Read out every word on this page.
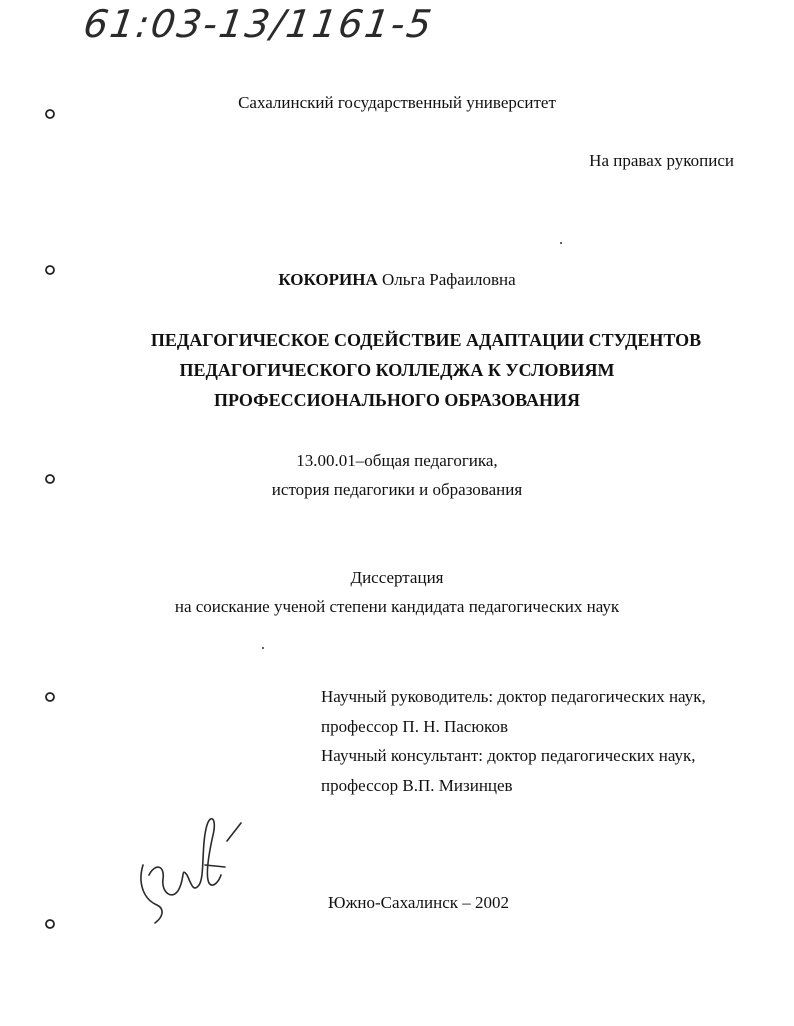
61:03-13/1161-5
Сахалинский государственный университет
На правах рукописи
КОКОРИНА Ольга Рафаиловна
ПЕДАГОГИЧЕСКОЕ СОДЕЙСТВИЕ АДАПТАЦИИ СТУДЕНТОВ
ПЕДАГОГИЧЕСКОГО КОЛЛЕДЖА К УСЛОВИЯМ
ПРОФЕССИОНАЛЬНОГО ОБРАЗОВАНИЯ
13.00.01–общая педагогика,
история педагогики и образования
Диссертация
на соискание ученой степени кандидата педагогических наук
Научный руководитель: доктор педагогических наук,
профессор П. Н. Пасюков
Научный консультант: доктор педагогических наук,
профессор В.П. Мизинцев
Южно-Сахалинск – 2002
